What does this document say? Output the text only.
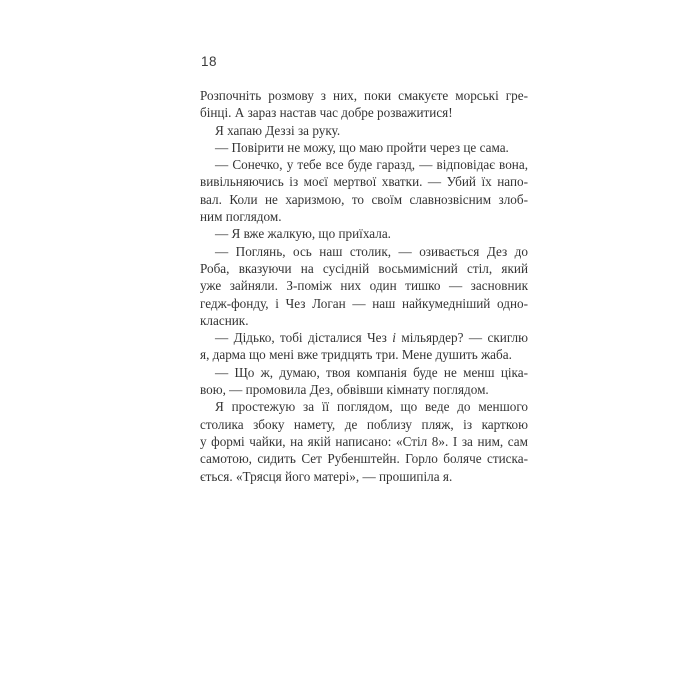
18
Розпочніть розмову з них, поки смакуєте морські гре-
бінці. А зараз настав час добре розважитися!
Я хапаю Деззі за руку.
— Повірити не можу, що маю пройти через це сама.
— Сонечко, у тебе все буде гаразд, — відповідає вона,
вивільняючись із моєї мертвої хватки. — Убий їх напо-
вал. Коли не харизмою, то своїм славнозвісним злоб-
ним поглядом.
— Я вже жалкую, що приїхала.
— Поглянь, ось наш столик, — озивається Дез до
Роба, вказуючи на сусідній восьмимісний стіл, який
уже зайняли. З-поміж них один тишко — засновник
гедж-фонду, і Чез Логан — наш найкумедніший одно-
класник.
— Дідько, тобі дісталися Чез і мільярдер? — скиглю
я, дарма що мені вже тридцять три. Мене душить жаба.
— Що ж, думаю, твоя компанія буде не менш ціка-
вою, — промовила Дез, обвівши кімнату поглядом.
Я простежую за її поглядом, що веде до меншого
столика збоку намету, де поблизу пляж, із карткою
у формі чайки, на якій написано: «Стіл 8». І за ним, сам
самотою, сидить Сет Рубенштейн. Горло боляче стиска-
ється. «Трясця його матері», — прошипіла я.
